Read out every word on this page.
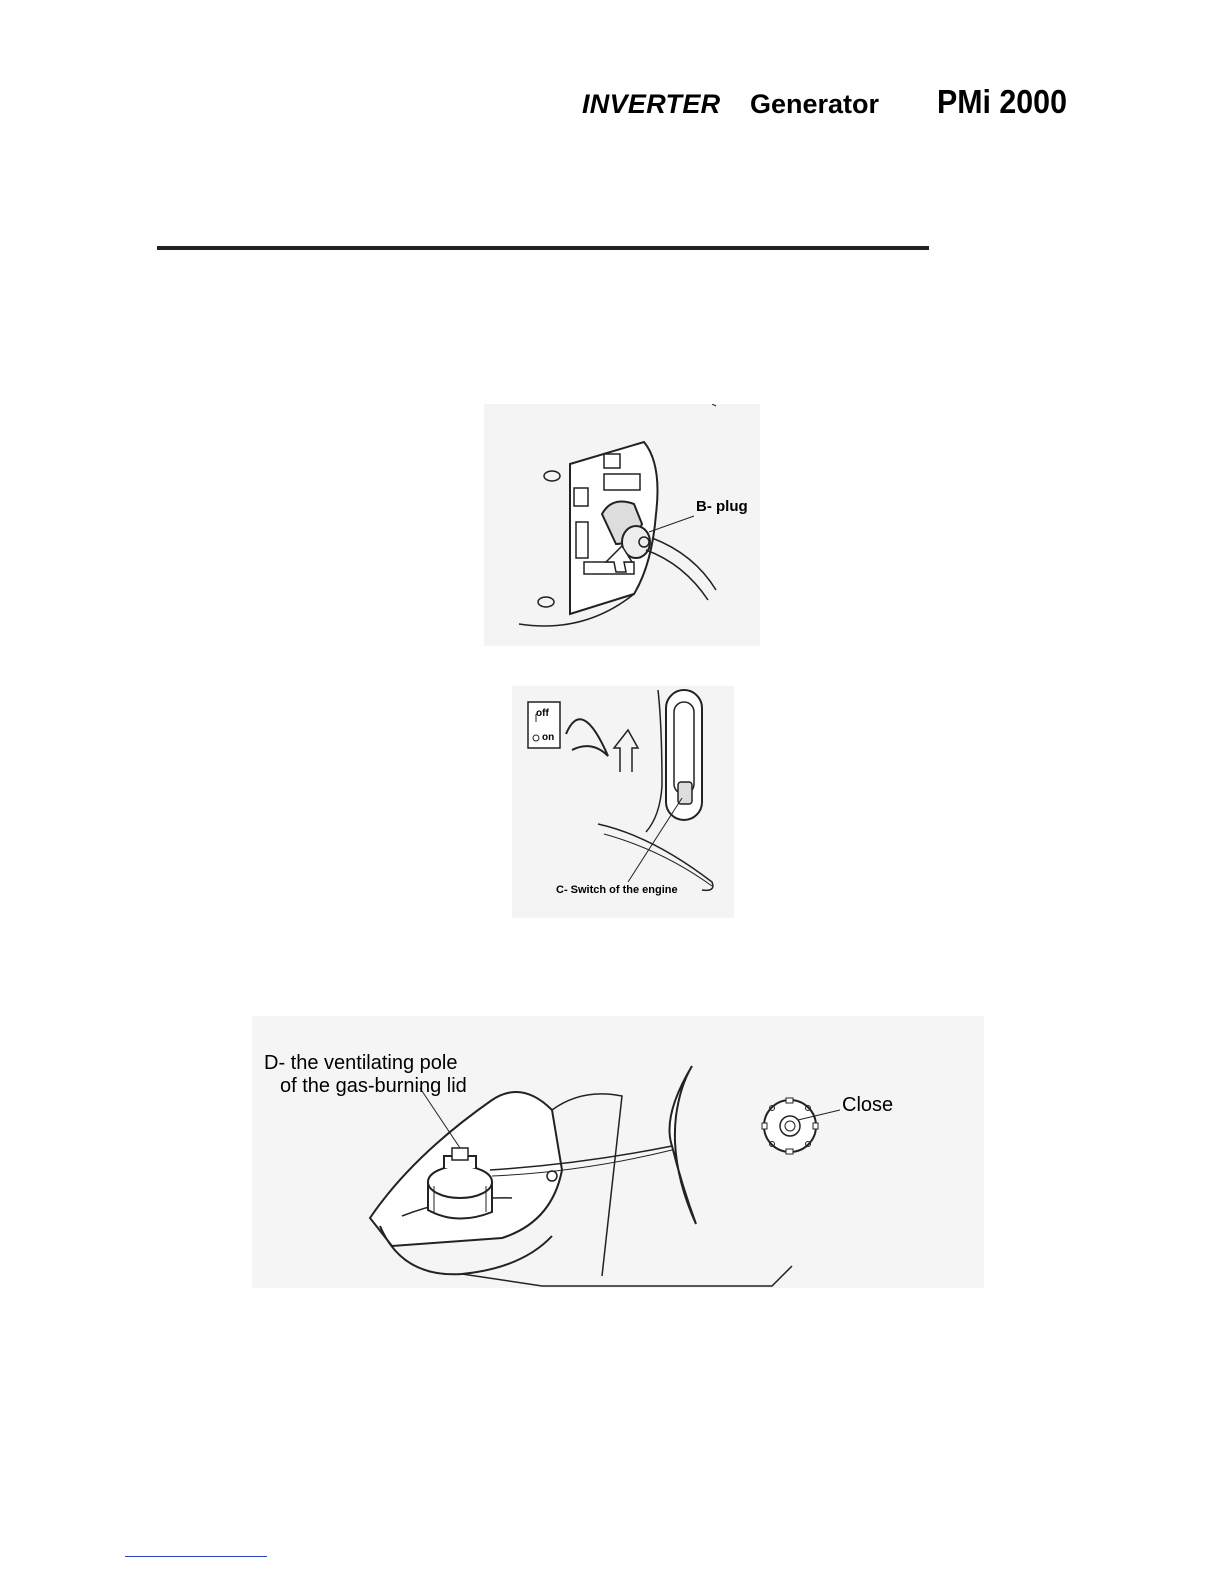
INVERTER Generator PMi 2000
B- plug
off
on
C- Switch of the engine
D- the ventilating pole
of the gas-burning lid
Close
